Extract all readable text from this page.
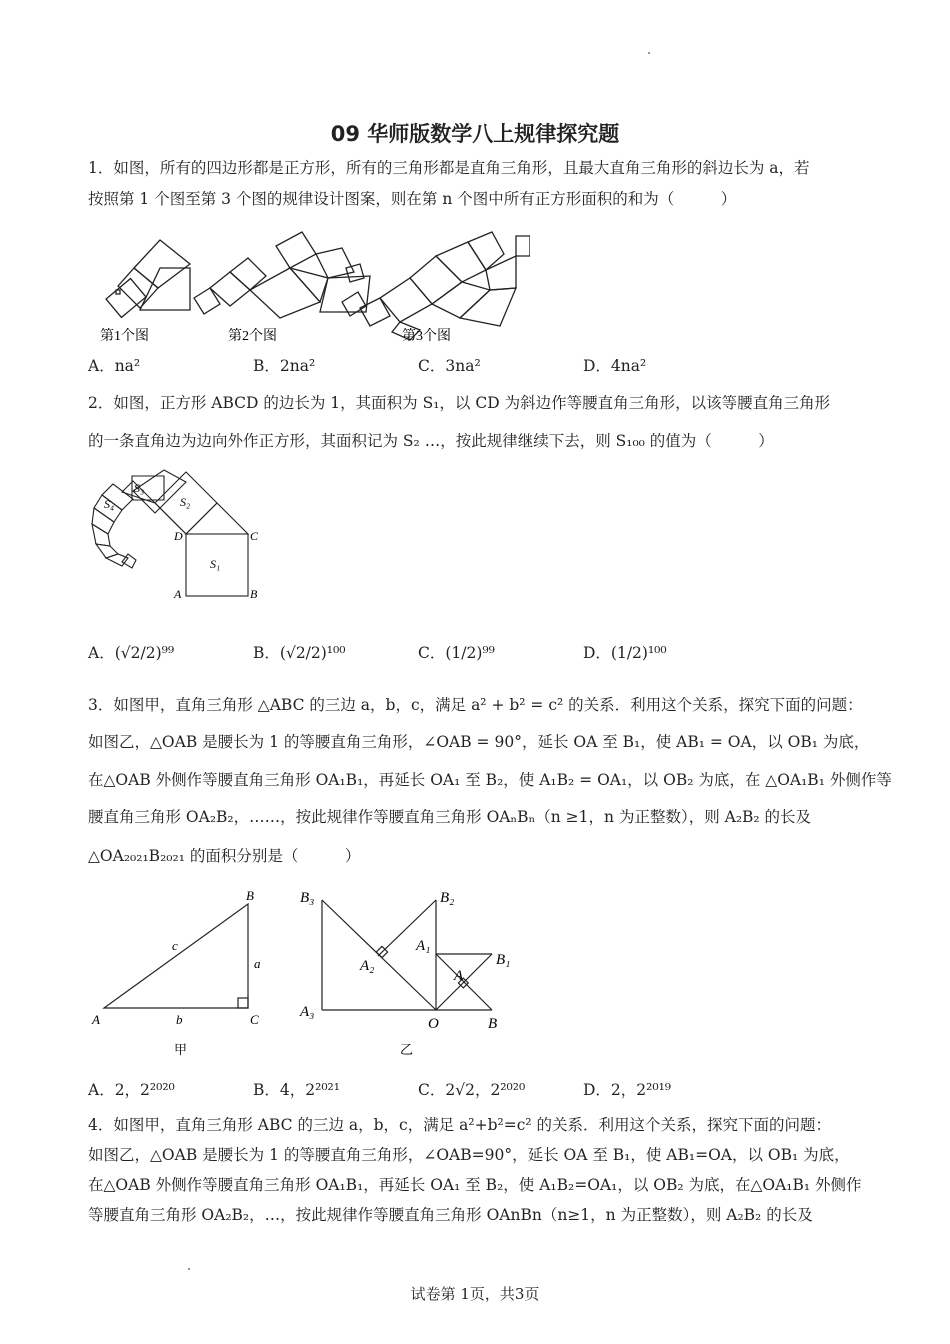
09 华师版数学八上规律探究题
1．如图，所有的四边形都是正方形，所有的三角形都是直角三角形，且最大直角三角形的斜边长为 a，若
按照第 1 个图至第 3 个图的规律设计图案，则在第 n 个图中所有正方形面积的和为（　　　）
第1个图	第2个图	第3个图
A．na²	B．2na²	C．3na²	D．4na²
2．如图，正方形 ABCD 的边长为 1，其面积为 S₁，以 CD 为斜边作等腰直角三角形，以该等腰直角三角形
的一条直角边为边向外作正方形，其面积记为 S₂ …，按此规律继续下去，则 S₁₀₀ 的值为（　　　）
S₃
S₂
S₄
S₁
D	C
A	B
A．(√2/2)⁹⁹	B．(√2/2)¹⁰⁰	C．(1/2)⁹⁹	D．(1/2)¹⁰⁰
3．如图甲，直角三角形 △ABC 的三边 a，b，c，满足 a² + b² = c² 的关系．利用这个关系，探究下面的问题：
如图乙，△OAB 是腰长为 1 的等腰直角三角形，∠OAB = 90°，延长 OA 至 B₁，使 AB₁ = OA，以 OB₁ 为底，
在△OAB 外侧作等腰直角三角形 OA₁B₁，再延长 OA₁ 至 B₂，使 A₁B₂ = OA₁，以 OB₂ 为底，在 △OA₁B₁ 外侧作等
腰直角三角形 OA₂B₂，……，按此规律作等腰直角三角形 OAₙBₙ（n ≥1，n 为正整数），则 A₂B₂ 的长及
△OA₂₀₂₁B₂₀₂₁ 的面积分别是（　　　）
B
c
a
A	b	C
甲
B₃	B₂
A₁
B₁
A₂
A
A₃
O	B
乙
A．2，2²⁰²⁰	B．4，2²⁰²¹	C．2√2，2²⁰²⁰	D．2，2²⁰¹⁹
4．如图甲，直角三角形 ABC 的三边 a，b，c，满足 a²+b²=c² 的关系．利用这个关系，探究下面的问题：
如图乙，△OAB 是腰长为 1 的等腰直角三角形，∠OAB=90°，延长 OA 至 B₁，使 AB₁=OA，以 OB₁ 为底，
在△OAB 外侧作等腰直角三角形 OA₁B₁，再延长 OA₁ 至 B₂，使 A₁B₂=OA₁，以 OB₂ 为底，在△OA₁B₁ 外侧作
等腰直角三角形 OA₂B₂，…，按此规律作等腰直角三角形 OAnBn（n≥1，n 为正整数），则 A₂B₂ 的长及
试卷第 1页，共3页
